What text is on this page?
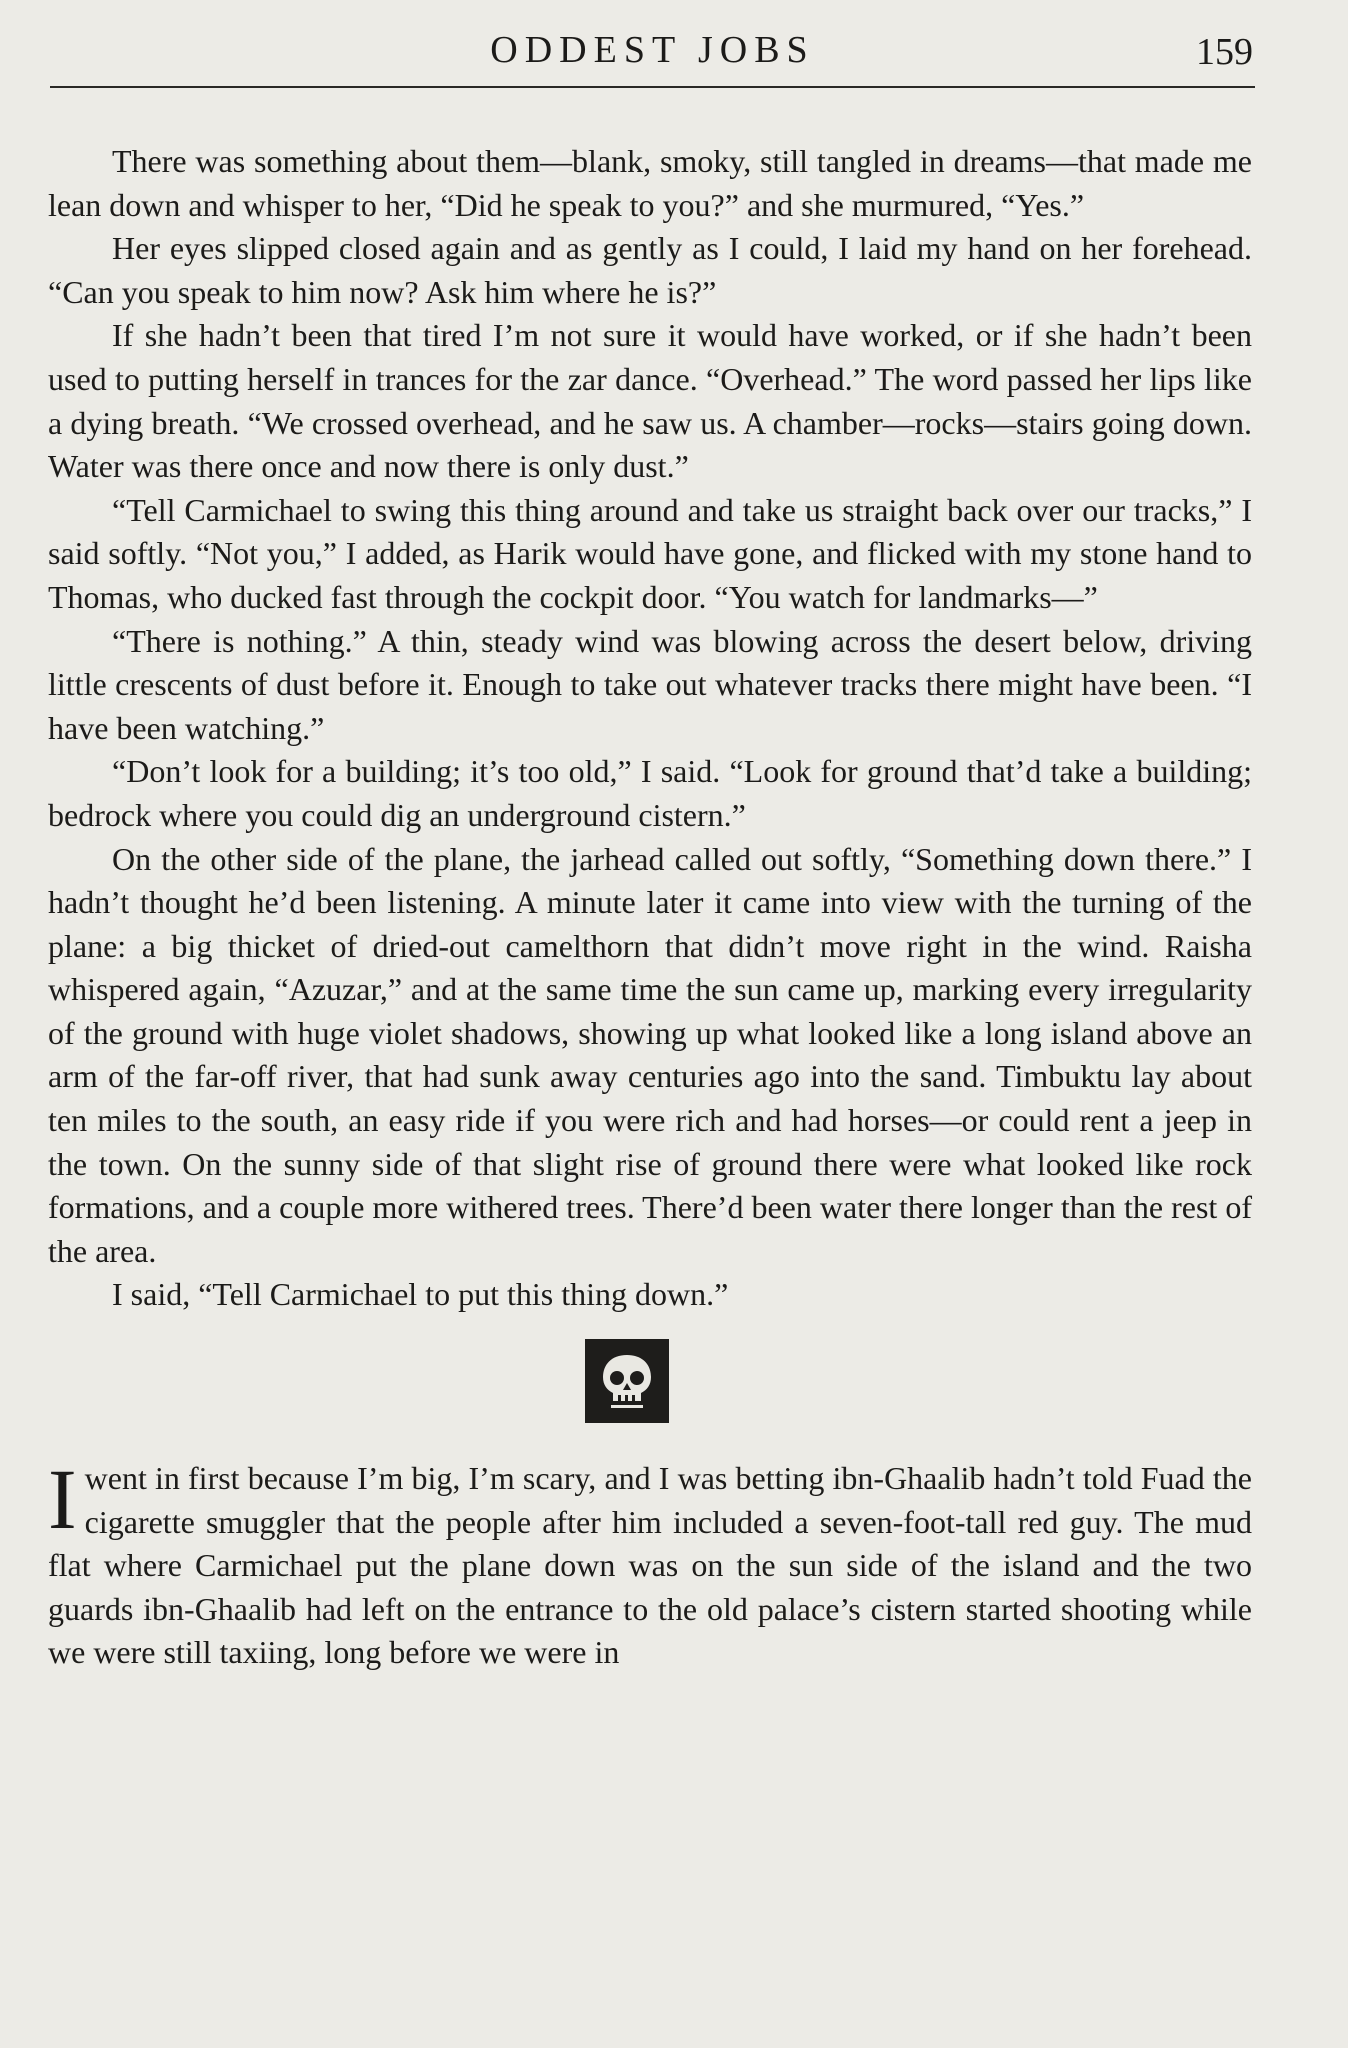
ODDEST JOBS	159

There was something about them—blank, smoky, still tangled in dreams—that made me lean down and whisper to her, “Did he speak to you?” and she murmured, “Yes.”

Her eyes slipped closed again and as gently as I could, I laid my hand on her forehead. “Can you speak to him now? Ask him where he is?”

If she hadn’t been that tired I’m not sure it would have worked, or if she hadn’t been used to putting herself in trances for the zar dance. “Overhead.” The word passed her lips like a dying breath. “We crossed overhead, and he saw us. A chamber—rocks—stairs going down. Water was there once and now there is only dust.”

“Tell Carmichael to swing this thing around and take us straight back over our tracks,” I said softly. “Not you,” I added, as Harik would have gone, and flicked with my stone hand to Thomas, who ducked fast through the cockpit door. “You watch for landmarks—”

“There is nothing.” A thin, steady wind was blowing across the desert below, driving little crescents of dust before it. Enough to take out whatever tracks there might have been. “I have been watching.”

“Don’t look for a building; it’s too old,” I said. “Look for ground that’d take a building; bedrock where you could dig an underground cistern.”

On the other side of the plane, the jarhead called out softly, “Something down there.” I hadn’t thought he’d been listening. A minute later it came into view with the turning of the plane: a big thicket of dried-out camelthorn that didn’t move right in the wind. Raisha whispered again, “Azuzar,” and at the same time the sun came up, marking every irregularity of the ground with huge violet shadows, showing up what looked like a long island above an arm of the far-off river, that had sunk away centuries ago into the sand. Timbuktu lay about ten miles to the south, an easy ride if you were rich and had horses—or could rent a jeep in the town. On the sunny side of that slight rise of ground there were what looked like rock formations, and a couple more withered trees. There’d been water there longer than the rest of the area.

I said, “Tell Carmichael to put this thing down.”

I went in first because I’m big, I’m scary, and I was betting ibn-Ghaalib hadn’t told Fuad the cigarette smuggler that the people after him included a seven-foot-tall red guy. The mud flat where Carmichael put the plane down was on the sun side of the island and the two guards ibn-Ghaalib had left on the entrance to the old palace’s cistern started shooting while we were still taxiing, long before we were in
